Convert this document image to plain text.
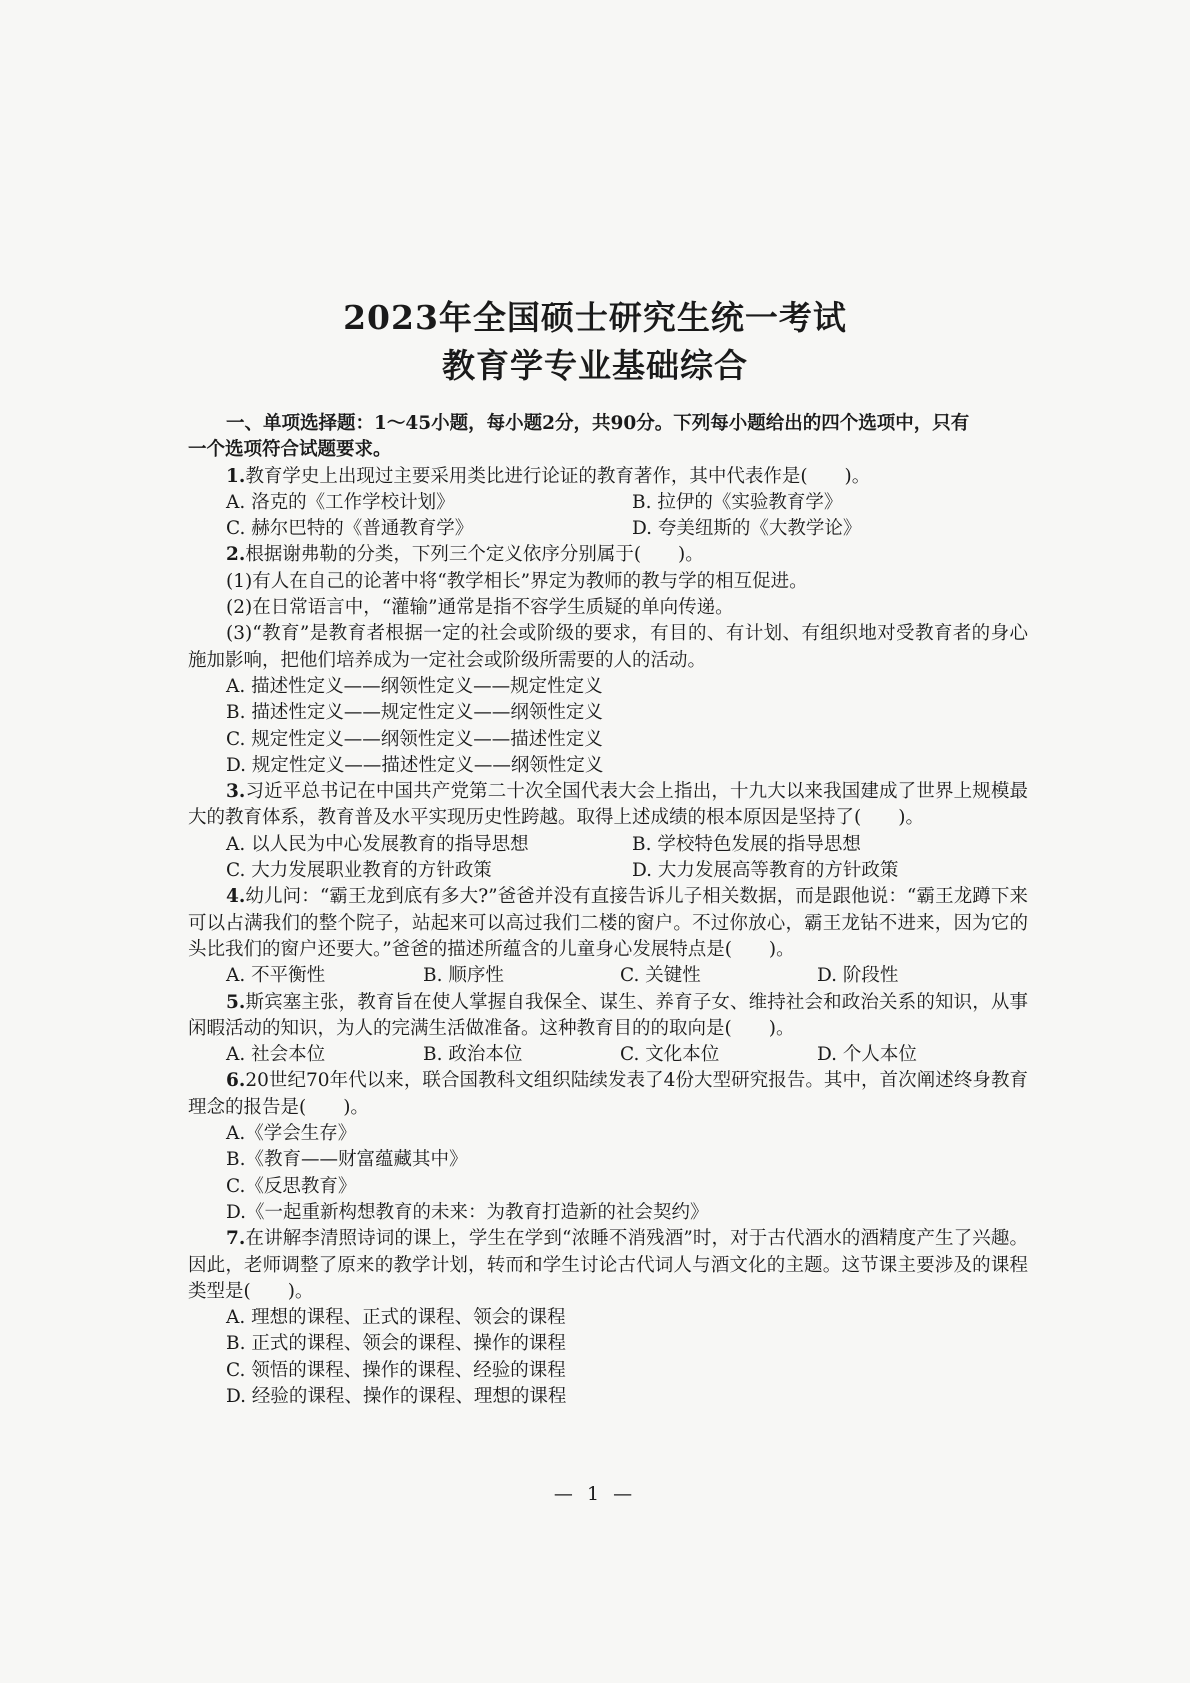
2023年全国硕士研究生统一考试
教育学专业基础综合

一、单项选择题：1～45小题，每小题2分，共90分。下列每小题给出的四个选项中，只有

一个选项符合试题要求。

1.教育学史上出现过主要采用类比进行论证的教育著作，其中代表作是(　　)。

A. 洛克的《工作学校计划》	B. 拉伊的《实验教育学》
C. 赫尔巴特的《普通教育学》	D. 夸美纽斯的《大教学论》

2.根据谢弗勒的分类，下列三个定义依序分别属于(　　)。

(1)有人在自己的论著中将“教学相长”界定为教师的教与学的相互促进。

(2)在日常语言中，“灌输”通常是指不容学生质疑的单向传递。

(3)“教育”是教育者根据一定的社会或阶级的要求，有目的、有计划、有组织地对受教育者的身心施加影响，把他们培养成为一定社会或阶级所需要的人的活动。

A. 描述性定义——纲领性定义——规定性定义

B. 描述性定义——规定性定义——纲领性定义

C. 规定性定义——纲领性定义——描述性定义

D. 规定性定义——描述性定义——纲领性定义

3.习近平总书记在中国共产党第二十次全国代表大会上指出，十九大以来我国建成了世界上规模最大的教育体系，教育普及水平实现历史性跨越。取得上述成绩的根本原因是坚持了(　　)。

A. 以人民为中心发展教育的指导思想	B. 学校特色发展的指导思想
C. 大力发展职业教育的方针政策	D. 大力发展高等教育的方针政策

4.幼儿问：“霸王龙到底有多大?”爸爸并没有直接告诉儿子相关数据，而是跟他说：“霸王龙蹲下来可以占满我们的整个院子，站起来可以高过我们二楼的窗户。不过你放心，霸王龙钻不进来，因为它的头比我们的窗户还要大。”爸爸的描述所蕴含的儿童身心发展特点是(　　)。

A. 不平衡性	B. 顺序性	C. 关键性	D. 阶段性

5.斯宾塞主张，教育旨在使人掌握自我保全、谋生、养育子女、维持社会和政治关系的知识，从事闲暇活动的知识，为人的完满生活做准备。这种教育目的的取向是(　　)。

A. 社会本位	B. 政治本位	C. 文化本位	D. 个人本位

6.20世纪70年代以来，联合国教科文组织陆续发表了4份大型研究报告。其中，首次阐述终身教育理念的报告是(　　)。

A.《学会生存》

B.《教育——财富蕴藏其中》

C.《反思教育》

D.《一起重新构想教育的未来：为教育打造新的社会契约》

7.在讲解李清照诗词的课上，学生在学到“浓睡不消残酒”时，对于古代酒水的酒精度产生了兴趣。因此，老师调整了原来的教学计划，转而和学生讨论古代词人与酒文化的主题。这节课主要涉及的课程类型是(　　)。

A. 理想的课程、正式的课程、领会的课程

B. 正式的课程、领会的课程、操作的课程

C. 领悟的课程、操作的课程、经验的课程

D. 经验的课程、操作的课程、理想的课程

— 1 —
